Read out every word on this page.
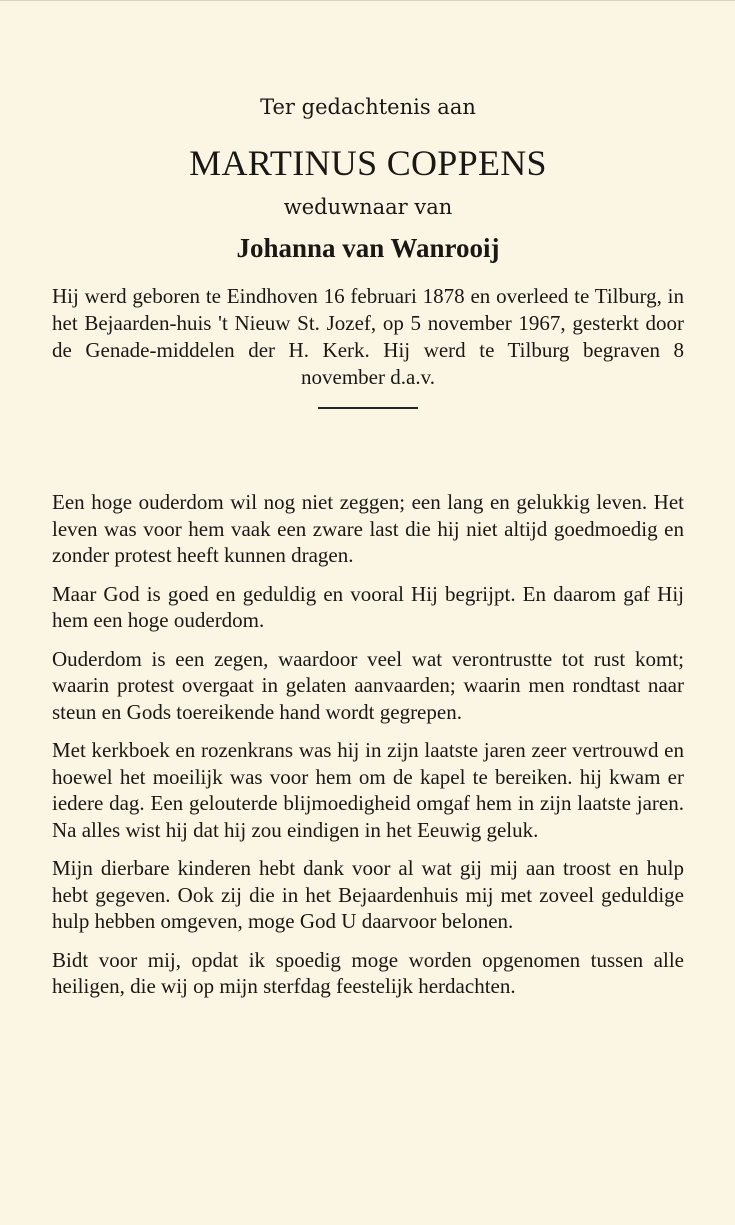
Ter gedachtenis aan

MARTINUS COPPENS

weduwnaar van

Johanna van Wanrooij

Hij werd geboren te Eindhoven 16 februari 1878 en overleed te Tilburg, in het Bejaarden-huis 't Nieuw St. Jozef, op 5 november 1967, gesterkt door de Genade-middelen der H. Kerk. Hij werd te Tilburg begraven 8 november d.a.v.

Een hoge ouderdom wil nog niet zeggen; een lang en gelukkig leven. Het leven was voor hem vaak een zware last die hij niet altijd goedmoedig en zonder protest heeft kunnen dragen.

Maar God is goed en geduldig en vooral Hij begrijpt. En daarom gaf Hij hem een hoge ouderdom.

Ouderdom is een zegen, waardoor veel wat verontrustte tot rust komt; waarin protest overgaat in gelaten aanvaarden; waarin men rondtast naar steun en Gods toereikende hand wordt gegrepen.

Met kerkboek en rozenkrans was hij in zijn laatste jaren zeer vertrouwd en hoewel het moeilijk was voor hem om de kapel te bereiken. hij kwam er iedere dag. Een gelouterde blijmoedigheid omgaf hem in zijn laatste jaren. Na alles wist hij dat hij zou eindigen in het Eeuwig geluk.

Mijn dierbare kinderen hebt dank voor al wat gij mij aan troost en hulp hebt gegeven. Ook zij die in het Bejaardenhuis mij met zoveel geduldige hulp hebben omgeven, moge God U daarvoor belonen.

Bidt voor mij, opdat ik spoedig moge worden opgenomen tussen alle heiligen, die wij op mijn sterfdag feestelijk herdachten.
